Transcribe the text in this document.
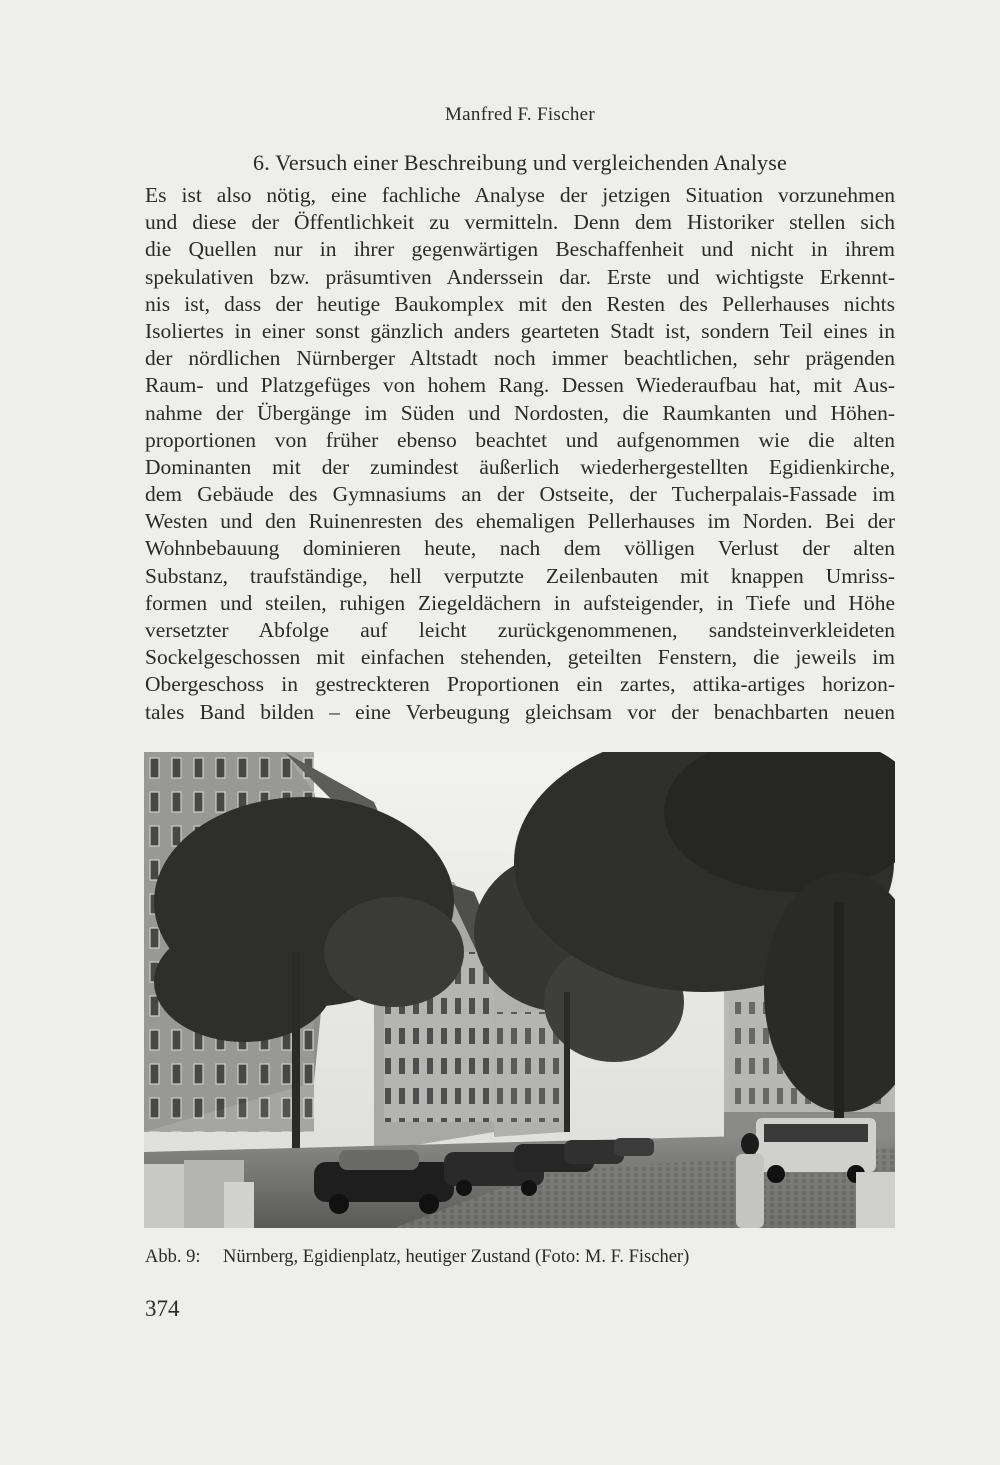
Manfred F. Fischer
6. Versuch einer Beschreibung und vergleichenden Analyse
Es ist also nötig, eine fachliche Analyse der jetzigen Situation vorzunehmen
und diese der Öffentlichkeit zu vermitteln. Denn dem Historiker stellen sich
die Quellen nur in ihrer gegenwärtigen Beschaffenheit und nicht in ihrem
spekulativen bzw. präsumtiven Anderssein dar. Erste und wichtigste Erkennt-
nis ist, dass der heutige Baukomplex mit den Resten des Pellerhauses nichts
Isoliertes in einer sonst gänzlich anders gearteten Stadt ist, sondern Teil eines in
der nördlichen Nürnberger Altstadt noch immer beachtlichen, sehr prägenden
Raum- und Platzgefüges von hohem Rang. Dessen Wiederaufbau hat, mit Aus-
nahme der Übergänge im Süden und Nordosten, die Raumkanten und Höhen-
proportionen von früher ebenso beachtet und aufgenommen wie die alten
Dominanten mit der zumindest äußerlich wiederhergestellten Egidienkirche,
dem Gebäude des Gymnasiums an der Ostseite, der Tucherpalais-Fassade im
Westen und den Ruinenresten des ehemaligen Pellerhauses im Norden. Bei der
Wohnbebauung dominieren heute, nach dem völligen Verlust der alten
Substanz, traufständige, hell verputzte Zeilenbauten mit knappen Umriss-
formen und steilen, ruhigen Ziegeldächern in aufsteigender, in Tiefe und Höhe
versetzter Abfolge auf leicht zurückgenommenen, sandsteinverkleideten
Sockelgeschossen mit einfachen stehenden, geteilten Fenstern, die jeweils im
Obergeschoss in gestreckteren Proportionen ein zartes, attika-artiges horizon-
tales Band bilden – eine Verbeugung gleichsam vor der benachbarten neuen
Abb. 9: Nürnberg, Egidienplatz, heutiger Zustand (Foto: M. F. Fischer)
374
